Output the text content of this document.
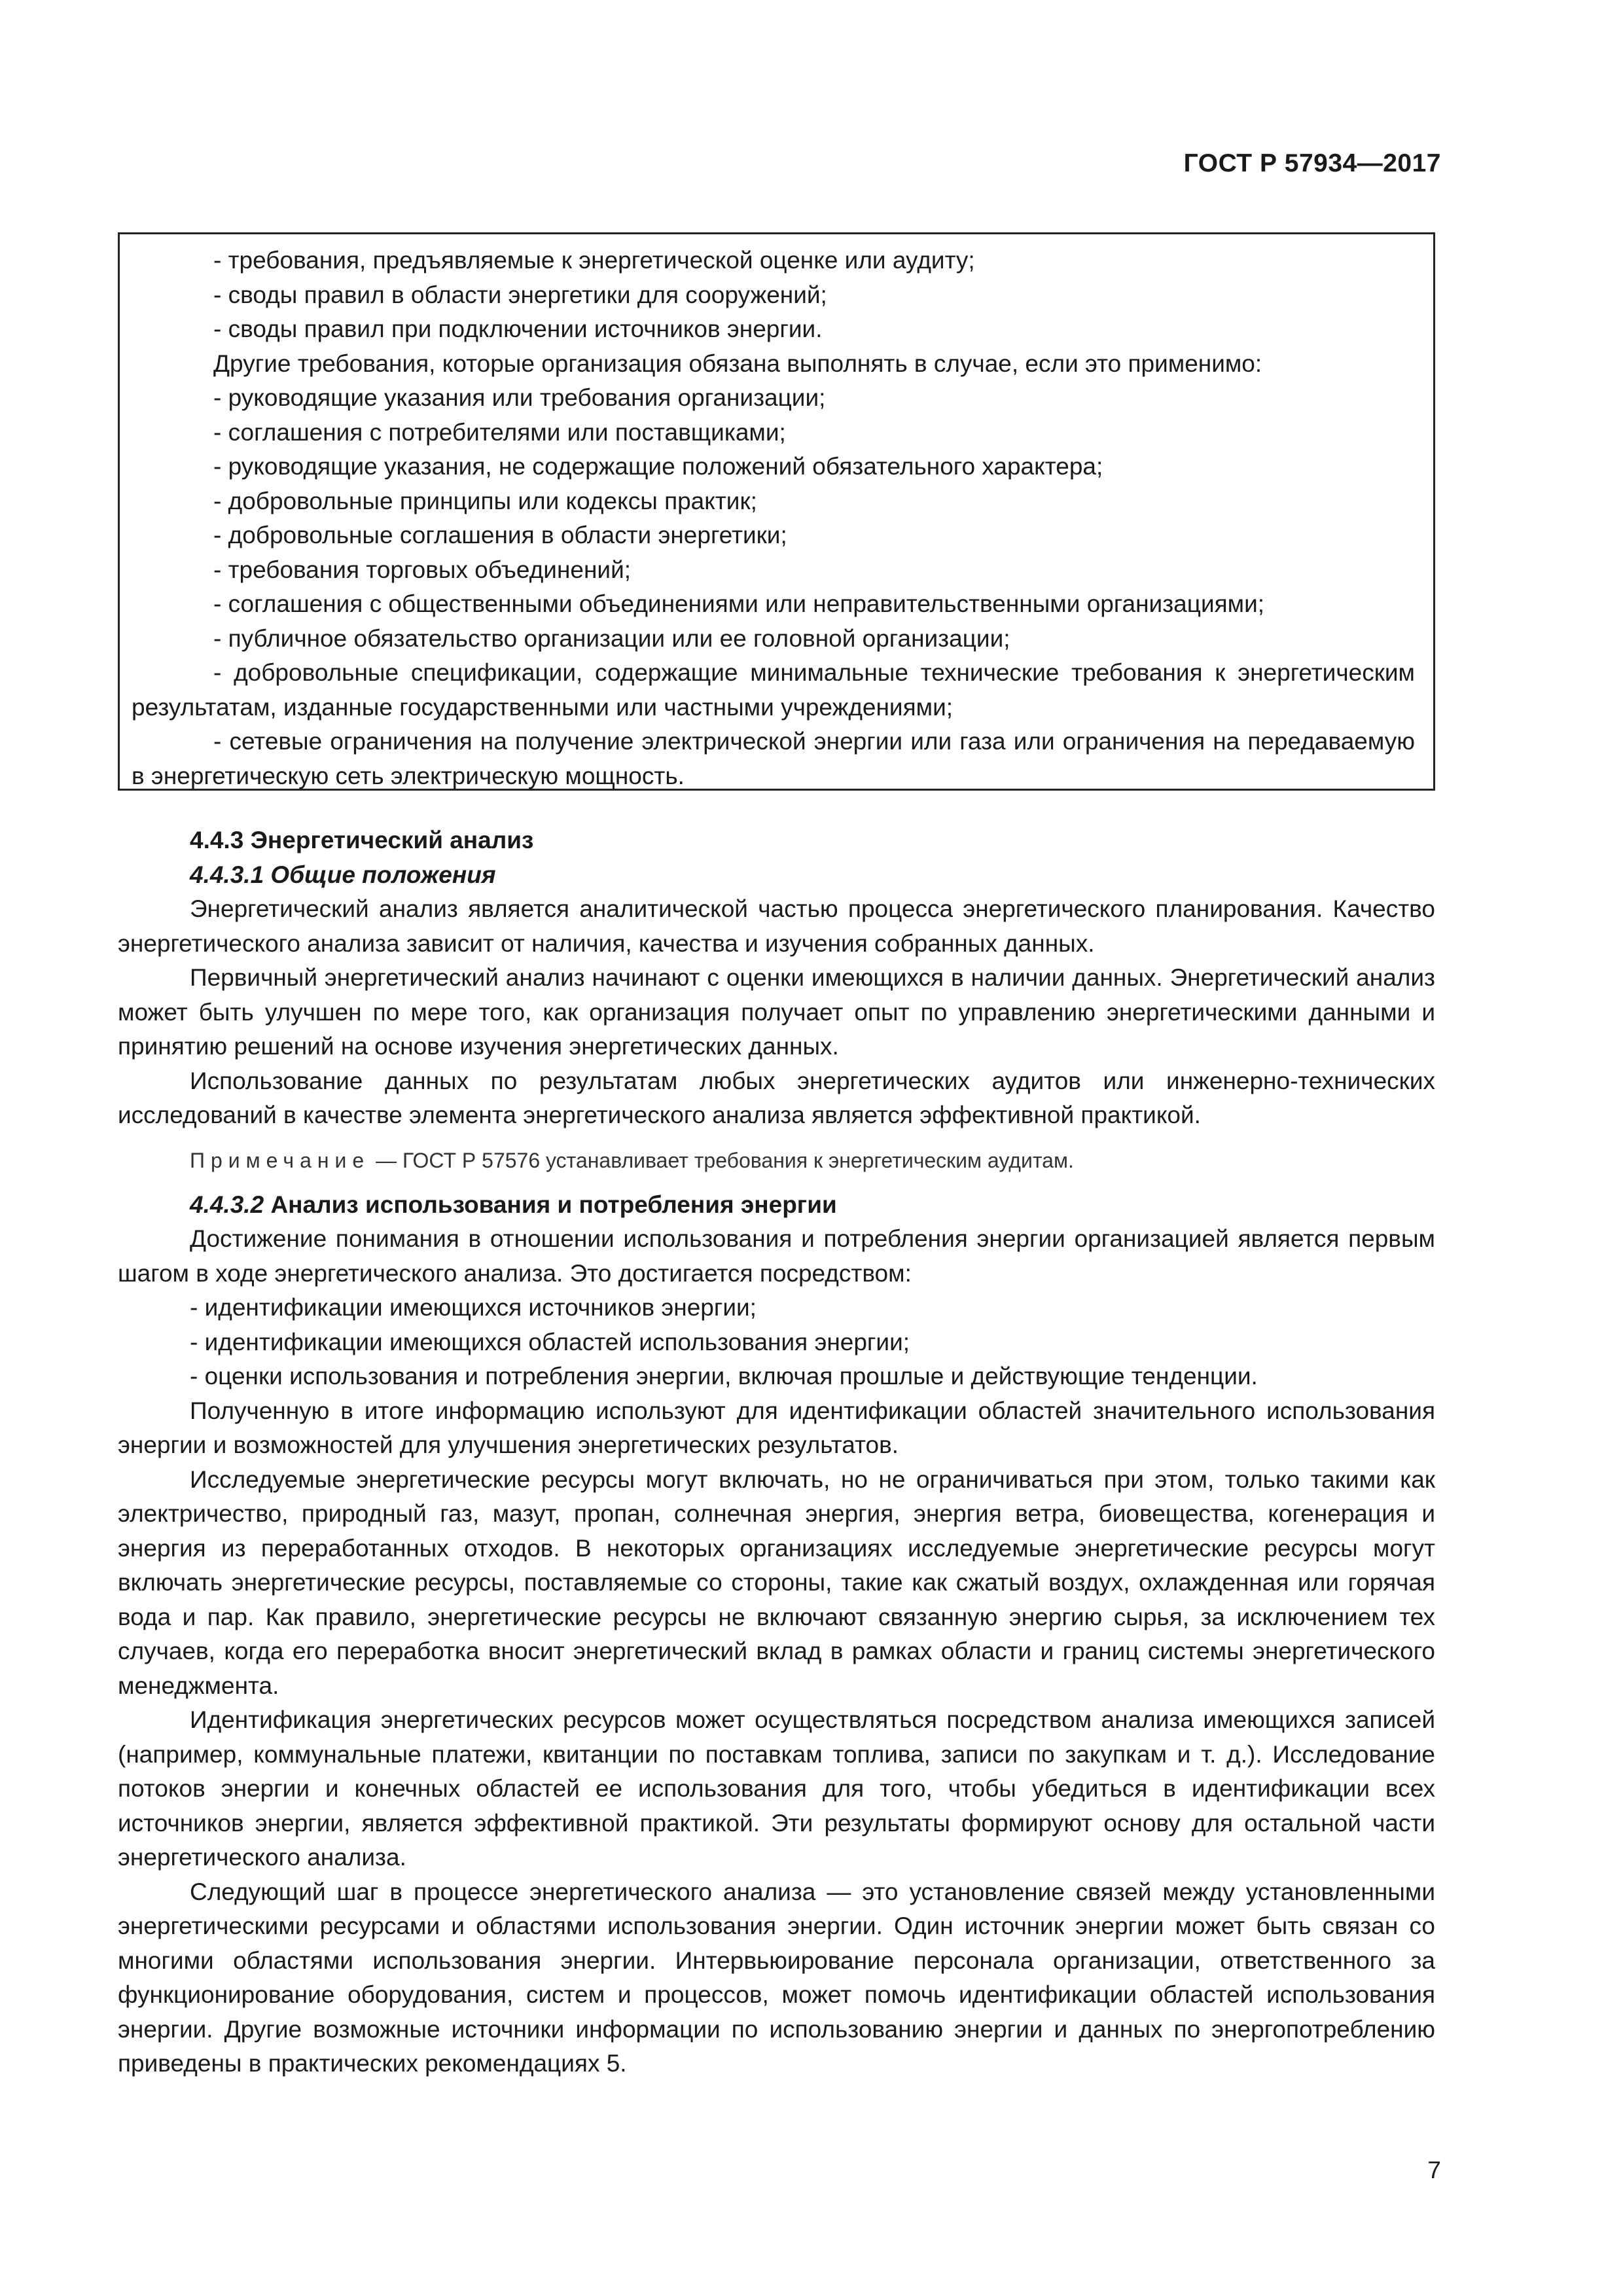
ГОСТ Р 57934—2017

- требования, предъявляемые к энергетической оценке или аудиту;

- своды правил в области энергетики для сооружений;

- своды правил при подключении источников энергии.

Другие требования, которые организация обязана выполнять в случае, если это применимо:

- руководящие указания или требования организации;

- соглашения с потребителями или поставщиками;

- руководящие указания, не содержащие положений обязательного характера;

- добровольные принципы или кодексы практик;

- добровольные соглашения в области энергетики;

- требования торговых объединений;

- соглашения с общественными объединениями или неправительственными организациями;

- публичное обязательство организации или ее головной организации;

- добровольные спецификации, содержащие минимальные технические требования к энергетическим результатам, изданные государственными или частными учреждениями;

- сетевые ограничения на получение электрической энергии или газа или ограничения на передаваемую в энергетическую сеть электрическую мощность.

4.4.3 Энергетический анализ

4.4.3.1 Общие положения

Энергетический анализ является аналитической частью процесса энергетического планирования. Качество энергетического анализа зависит от наличия, качества и изучения собранных данных.

Первичный энергетический анализ начинают с оценки имеющихся в наличии данных. Энергетический анализ может быть улучшен по мере того, как организация получает опыт по управлению энергетическими данными и принятию решений на основе изучения энергетических данных.

Использование данных по результатам любых энергетических аудитов или инженерно-технических исследований в качестве элемента энергетического анализа является эффективной практикой.

Примечание — ГОСТ Р 57576 устанавливает требования к энергетическим аудитам.

4.4.3.2 Анализ использования и потребления энергии

Достижение понимания в отношении использования и потребления энергии организацией является первым шагом в ходе энергетического анализа. Это достигается посредством:

- идентификации имеющихся источников энергии;

- идентификации имеющихся областей использования энергии;

- оценки использования и потребления энергии, включая прошлые и действующие тенденции.

Полученную в итоге информацию используют для идентификации областей значительного использования энергии и возможностей для улучшения энергетических результатов.

Исследуемые энергетические ресурсы могут включать, но не ограничиваться при этом, только такими как электричество, природный газ, мазут, пропан, солнечная энергия, энергия ветра, биовещества, когенерация и энергия из переработанных отходов. В некоторых организациях исследуемые энергетические ресурсы могут включать энергетические ресурсы, поставляемые со стороны, такие как сжатый воздух, охлажденная или горячая вода и пар. Как правило, энергетические ресурсы не включают связанную энергию сырья, за исключением тех случаев, когда его переработка вносит энергетический вклад в рамках области и границ системы энергетического менеджмента.

Идентификация энергетических ресурсов может осуществляться посредством анализа имеющихся записей (например, коммунальные платежи, квитанции по поставкам топлива, записи по закупкам и т. д.). Исследование потоков энергии и конечных областей ее использования для того, чтобы убедиться в идентификации всех источников энергии, является эффективной практикой. Эти результаты формируют основу для остальной части энергетического анализа.

Следующий шаг в процессе энергетического анализа — это установление связей между установленными энергетическими ресурсами и областями использования энергии. Один источник энергии может быть связан со многими областями использования энергии. Интервьюирование персонала организации, ответственного за функционирование оборудования, систем и процессов, может помочь идентификации областей использования энергии. Другие возможные источники информации по использованию энергии и данных по энергопотреблению приведены в практических рекомендациях 5.

7
